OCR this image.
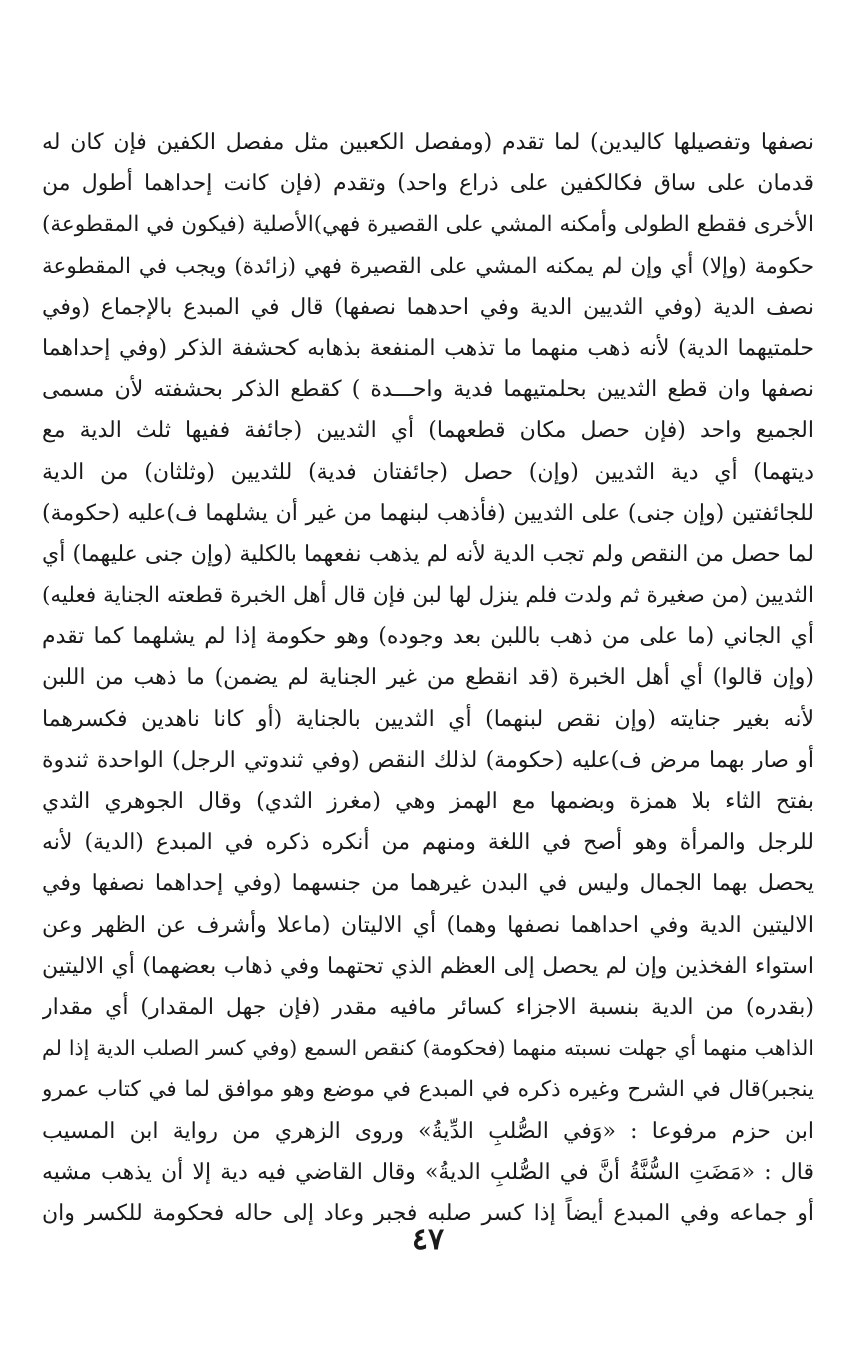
نصفها وتفصيلها كاليدين) لما تقدم (ومفصل الكعبين مثل مفصل الكفين فإن كان له
قدمان على ساق فكالكفين على ذراع واحد) وتقدم (فإن كانت إحداهما أطول من
الأخرى فقطع الطولى وأمكنه المشي على القصيرة فهي)الأصلية (فيكون في المقطوعة)
حكومة (وإلا) أي وإن لم يمكنه المشي على القصيرة فهي (زائدة) ويجب في المقطوعة
نصف الدية (وفي الثديين الدية وفي احدهما نصفها) قال في المبدع بالإجماع (وفي
حلمتيهما الدية) لأنه ذهب منهما ما تذهب المنفعة بذهابه كحشفة الذكر (وفي إحداهما
نصفها وان قطع الثديين بحلمتيهما فدية واحـــدة ) كقطع الذكر بحشفته لأن مسمى
الجميع واحد (فإن حصل مكان قطعهما) أي الثديين (جائفة ففيها ثلث الدية مع
ديتهما) أي دية الثديين (وإن) حصل (جائفتان فدية) للثديين (وثلثان) من الدية
للجائفتين (وإن جنى) على الثديين (فأذهب لبنهما من غير أن يشلهما ف)عليه (حكومة)
لما حصل من النقص ولم تجب الدية لأنه لم يذهب نفعهما بالكلية (وإن جنى عليهما) أي
الثديين (من صغيرة ثم ولدت فلم ينزل لها لبن فإن قال أهل الخبرة قطعته الجناية فعليه)
أي الجاني (ما على من ذهب باللبن بعد وجوده) وهو حكومة إذا لم يشلهما كما تقدم
(وإن قالوا) أي أهل الخبرة (قد انقطع من غير الجناية لم يضمن) ما ذهب من اللبن
لأنه بغير جنايته (وإن نقص لبنهما) أي الثديين بالجناية (أو كانا ناهدين فكسرهما
أو صار بهما مرض ف)عليه (حكومة) لذلك النقص (وفي ثندوتي الرجل) الواحدة ثندوة
بفتح الثاء بلا همزة وبضمها مع الهمز وهي (مغرز الثدي) وقال الجوهري الثدي
للرجل والمرأة وهو أصح في اللغة ومنهم من أنكره ذكره في المبدع (الدية) لأنه
يحصل بهما الجمال وليس في البدن غيرهما من جنسهما (وفي إحداهما نصفها وفي
الاليتين الدية وفي احداهما نصفها وهما) أي الاليتان (ماعلا وأشرف عن الظهر وعن
استواء الفخذين وإن لم يحصل إلى العظم الذي تحتهما وفي ذهاب بعضهما) أي الاليتين
(بقدره) من الدية بنسبة الاجزاء كسائر مافيه مقدر (فإن جهل المقدار) أي مقدار
الذاهب منهما أي جهلت نسبته منهما (فحكومة) كنقص السمع (وفي كسر الصلب الدية إذا لم
ينجبر)قال في الشرح وغيره ذكره في المبدع في موضع وهو موافق لما في كتاب عمرو
ابن حزم مرفوعا : «وَفي الصُّلبِ الدِّيةُ» وروى الزهري من رواية ابن المسيب
قال : «مَضَتِ السُّنَّةُ أنَّ في الصُّلبِ الديةُ» وقال القاضي فيه دية إلا أن يذهب مشيه
أو جماعه وفي المبدع أيضاً إذا كسر صلبه فجبر وعاد إلى حاله فحكومة للكسر وان
٤٧
